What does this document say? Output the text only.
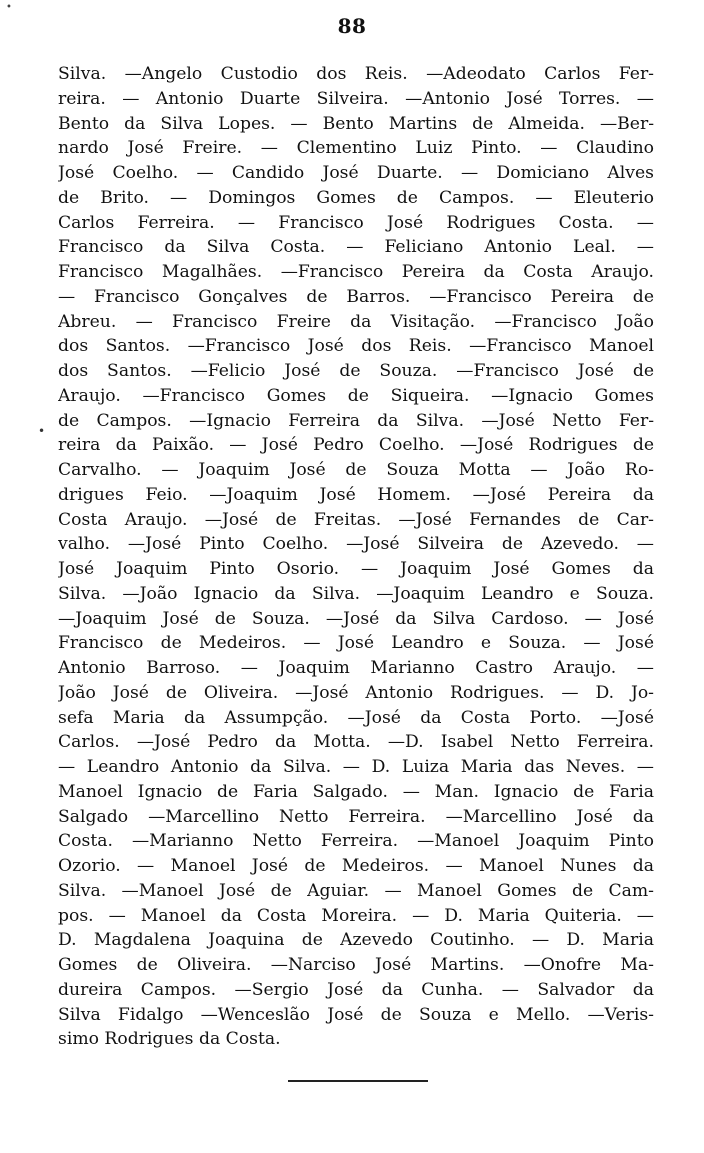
•
88
•
Silva. —Angelo Custodio dos Reis. —Adeodato Carlos Fer-
reira. — Antonio Duarte Silveira. —Antonio José Torres. —
Bento da Silva Lopes. — Bento Martins de Almeida. —Ber-
nardo José Freire. — Clementino Luiz Pinto. — Claudino
José Coelho. — Candido José Duarte. — Domiciano Alves
de Brito. — Domingos Gomes de Campos. — Eleuterio
Carlos Ferreira. — Francisco José Rodrigues Costa. —
Francisco da Silva Costa. — Feliciano Antonio Leal. —
Francisco Magalhães. —Francisco Pereira da Costa Araujo.
— Francisco Gonçalves de Barros. —Francisco Pereira de
Abreu. — Francisco Freire da Visitação. —Francisco João
dos Santos. —Francisco José dos Reis. —Francisco Manoel
dos Santos. —Felicio José de Souza. —Francisco José de
Araujo. —Francisco Gomes de Siqueira. —Ignacio Gomes
de Campos. —Ignacio Ferreira da Silva. —José Netto Fer-
reira da Paixão. — José Pedro Coelho. —José Rodrigues de
Carvalho. — Joaquim José de Souza Motta — João Ro-
drigues Feio. —Joaquim José Homem. —José Pereira da
Costa Araujo. —José de Freitas. —José Fernandes de Car-
valho. —José Pinto Coelho. —José Silveira de Azevedo. —
José Joaquim Pinto Osorio. — Joaquim José Gomes da
Silva. —João Ignacio da Silva. —Joaquim Leandro e Souza.
—Joaquim José de Souza. —José da Silva Cardoso. — José
Francisco de Medeiros. — José Leandro e Souza. — José
Antonio Barroso. — Joaquim Marianno Castro Araujo. —
João José de Oliveira. —José Antonio Rodrigues. — D. Jo-
sefa Maria da Assumpção. —José da Costa Porto. —José
Carlos. —José Pedro da Motta. —D. Isabel Netto Ferreira.
— Leandro Antonio da Silva. — D. Luiza Maria das Neves. —
Manoel Ignacio de Faria Salgado. — Man. Ignacio de Faria
Salgado —Marcellino Netto Ferreira. —Marcellino José da
Costa. —Marianno Netto Ferreira. —Manoel Joaquim Pinto
Ozorio. — Manoel José de Medeiros. — Manoel Nunes da
Silva. —Manoel José de Aguiar. — Manoel Gomes de Cam-
pos. — Manoel da Costa Moreira. — D. Maria Quiteria. —
D. Magdalena Joaquina de Azevedo Coutinho. — D. Maria
Gomes de Oliveira. —Narciso José Martins. —Onofre Ma-
dureira Campos. —Sergio José da Cunha. — Salvador da
Silva Fidalgo —Wenceslão José de Souza e Mello. —Veris-
simo Rodrigues da Costa.
